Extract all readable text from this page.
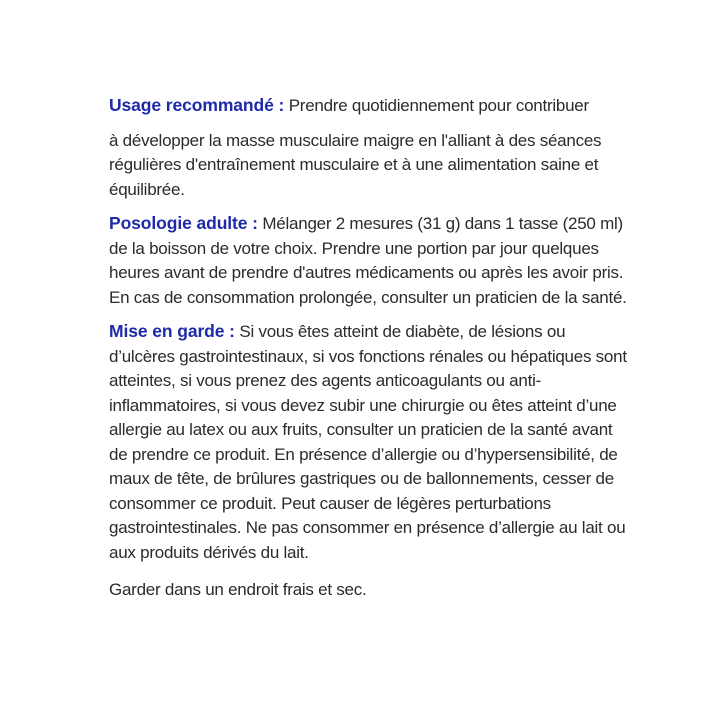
Usage recommandé : Prendre quotidiennement pour contribuer

à développer la masse musculaire maigre en l'alliant à des séances régulières d'entraînement musculaire et à une alimentation saine et équilibrée.

Posologie adulte : Mélanger 2 mesures (31 g) dans 1 tasse (250 ml) de la boisson de votre choix. Prendre une portion par jour quelques heures avant de prendre d'autres médicaments ou après les avoir pris. En cas de consommation prolongée, consulter un praticien de la santé.

Mise en garde : Si vous êtes atteint de diabète, de lésions ou d’ulcères gastrointestinaux, si vos fonctions rénales ou hépatiques sont atteintes, si vous prenez des agents anticoagulants ou anti-inflammatoires, si vous devez subir une chirurgie ou êtes atteint d’une allergie au latex ou aux fruits, consulter un praticien de la santé avant de prendre ce produit. En présence d’allergie ou d’hypersensibilité, de maux de tête, de brûlures gastriques ou de ballonnements, cesser de consommer ce produit. Peut causer de légères perturbations gastrointestinales. Ne pas consommer en présence d’allergie au lait ou aux produits dérivés du lait.

Garder dans un endroit frais et sec.
